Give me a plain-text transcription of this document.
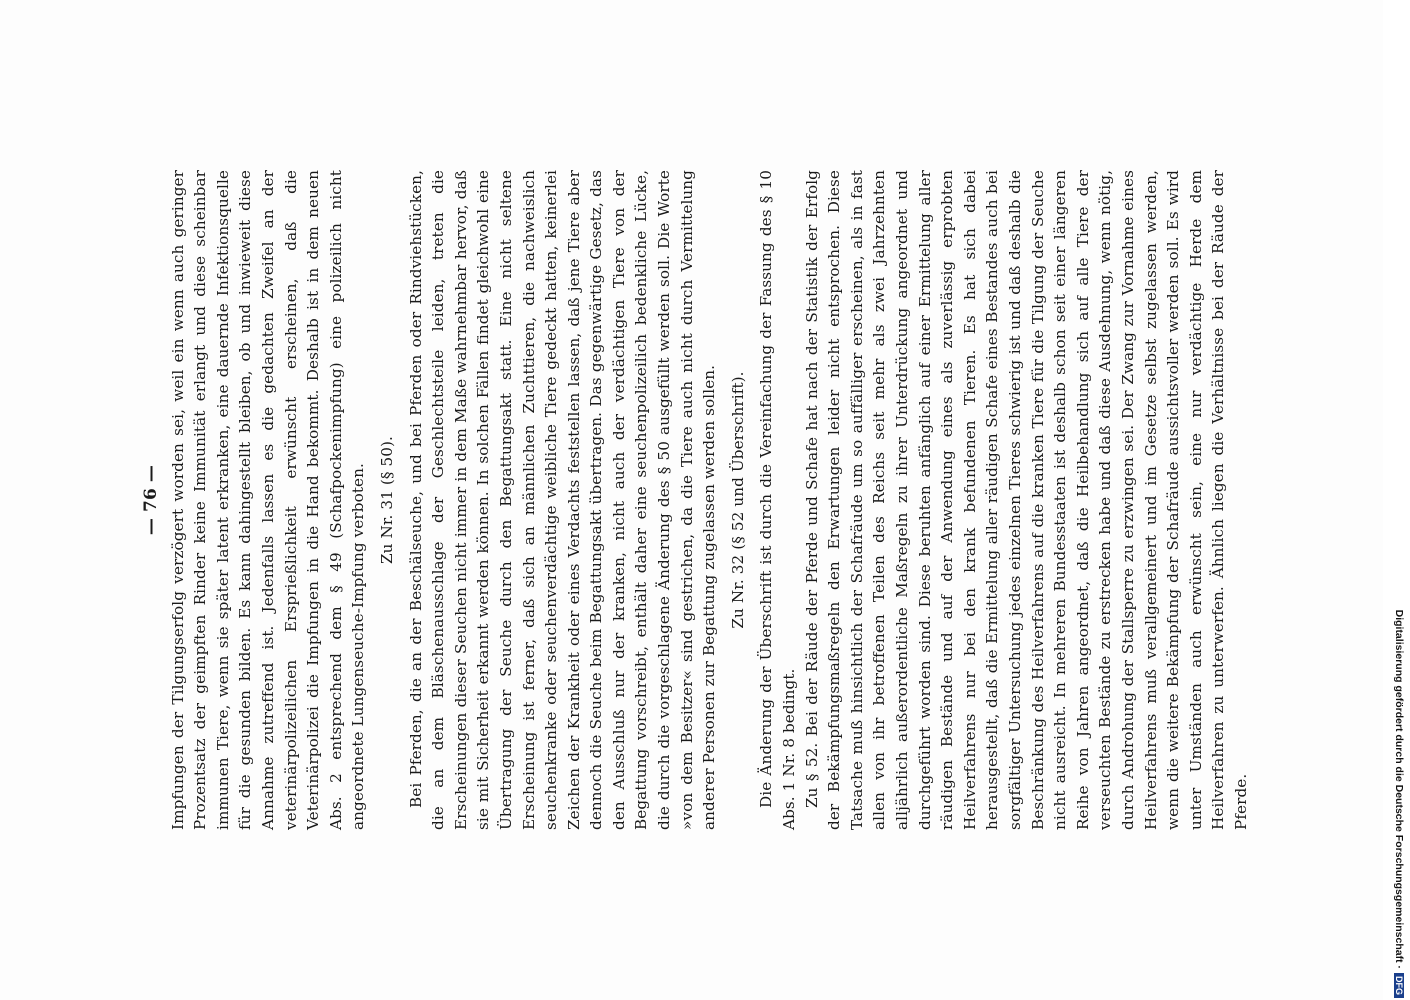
— 76 — Impfungen der Tilgungserfolg verzögert worden sei, weil ein wenn auch geringer Prozentsatz der geimpften Rinder keine Immunität erlangt und diese scheinbar immunen Tiere, wenn sie später latent erkranken, eine dauernde Infektionsquelle für die gesunden bilden. Es kann dahingestellt bleiben, ob und inwieweit diese Annahme zutreffend ist. Jedenfalls lassen es die gedachten Zweifel an der veterinärpolizeilichen Ersprießlichkeit erwünscht erscheinen, daß die Veterinärpolizei die Impfungen in die Hand bekommt. Deshalb ist in dem neuen Abs. 2 entsprechend dem § 49 (Schafpockenimpfung) eine polizeilich nicht angeordnete Lungenseuche-Impfung verboten. Zu Nr. 31 (§ 50). Bei Pferden, die an der Beschälseuche, und bei Pferden oder Rindviehstücken, die an dem Bläschenausschlage der Geschlechtsteile leiden, treten die Erscheinungen dieser Seuchen nicht immer in dem Maße wahrnehmbar hervor, daß sie mit Sicherheit erkannt werden können. In solchen Fällen findet gleichwohl eine Übertragung der Seuche durch den Begattungsakt statt. Eine nicht seltene Erscheinung ist ferner, daß sich an männlichen Zuchttieren, die nachweislich seuchenkranke oder seuchenverdächtige weibliche Tiere gedeckt hatten, keinerlei Zeichen der Krankheit oder eines Verdachts feststellen lassen, daß jene Tiere aber dennoch die Seuche beim Begattungsakt übertragen. Das gegenwärtige Gesetz, das den Ausschluß nur der kranken, nicht auch der verdächtigen Tiere von der Begattung vorschreibt, enthält daher eine seuchenpolizeilich bedenkliche Lücke, die durch die vorgeschlagene Änderung des § 50 ausgefüllt werden soll. Die Worte »von dem Besitzer« sind gestrichen, da die Tiere auch nicht durch Vermittelung anderer Personen zur Begattung zugelassen werden sollen. Zu Nr. 32 (§ 52 und Überschrift). Die Änderung der Überschrift ist durch die Vereinfachung der Fassung des § 10 Abs. 1 Nr. 8 bedingt. Zu § 52. Bei der Räude der Pferde und Schafe hat nach der Statistik der Erfolg der Bekämpfungsmaßregeln den Erwartungen leider nicht entsprochen. Diese Tatsache muß hinsichtlich der Schafräude um so auffälliger erscheinen, als in fast allen von ihr betroffenen Teilen des Reichs seit mehr als zwei Jahrzehnten alljährlich außerordentliche Maßregeln zu ihrer Unterdrückung angeordnet und durchgeführt worden sind. Diese beruhten anfänglich auf einer Ermittelung aller räudigen Bestände und auf der Anwendung eines als zuverlässig erprobten Heilverfahrens nur bei den krank befundenen Tieren. Es hat sich dabei herausgestellt, daß die Ermittelung aller räudigen Schafe eines Bestandes auch bei sorgfältiger Untersuchung jedes einzelnen Tieres schwierig ist und daß deshalb die Beschränkung des Heilverfahrens auf die kranken Tiere für die Tilgung der Seuche nicht ausreicht. In mehreren Bundesstaaten ist deshalb schon seit einer längeren Reihe von Jahren angeordnet, daß die Heilbehandlung sich auf alle Tiere der verseuchten Bestände zu erstrecken habe und daß diese Ausdehnung, wenn nötig, durch Androhung der Stallsperre zu erzwingen sei. Der Zwang zur Vornahme eines Heilverfahrens muß verallgemeinert und im Gesetze selbst zugelassen werden, wenn die weitere Bekämpfung der Schafräude aussichtsvoller werden soll. Es wird unter Umständen auch erwünscht sein, eine nur verdächtige Herde dem Heilverfahren zu unterwerfen. Ähnlich liegen die Verhältnisse bei der Räude der Pferde.	Digitalisierung gefördert durch die Deutsche Forschungsgemeinschaft ·DFG
